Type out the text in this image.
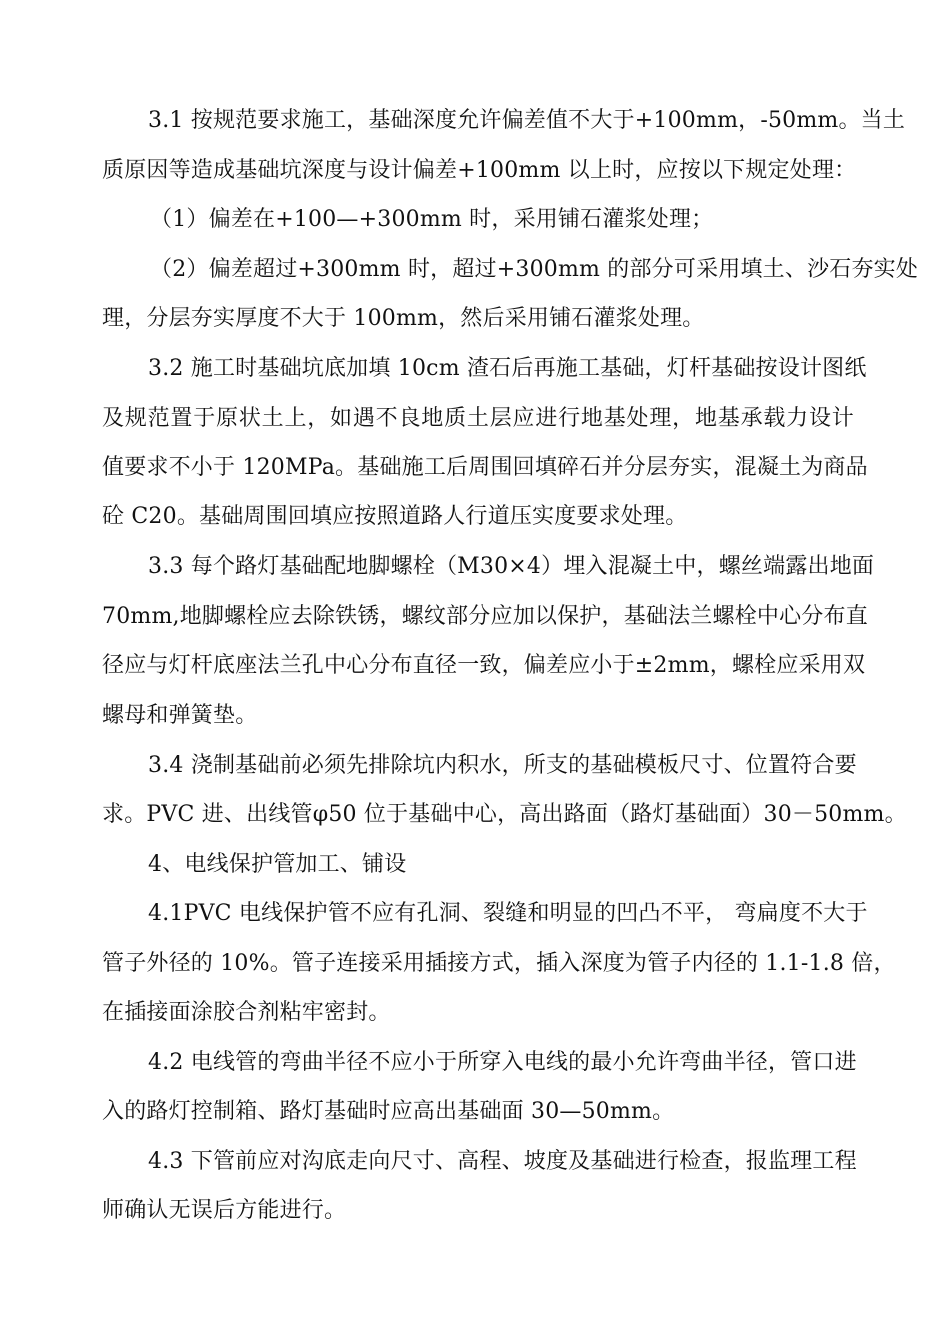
3.1 按规范要求施工，基础深度允许偏差值不大于+100mm，-50mm。当土
质原因等造成基础坑深度与设计偏差+100mm 以上时，应按以下规定处理：
（1）偏差在+100—+300mm 时，采用铺石灌浆处理；
（2）偏差超过+300mm 时，超过+300mm 的部分可采用填土、沙石夯实处
理，分层夯实厚度不大于 100mm，然后采用铺石灌浆处理。
3.2 施工时基础坑底加填 10cm 渣石后再施工基础，灯杆基础按设计图纸
及规范置于原状土上，如遇不良地质土层应进行地基处理，地基承载力设计
值要求不小于 120MPa。基础施工后周围回填碎石并分层夯实，混凝土为商品
砼 C20。基础周围回填应按照道路人行道压实度要求处理。
3.3 每个路灯基础配地脚螺栓（M30×4）埋入混凝土中，螺丝端露出地面
70mm,地脚螺栓应去除铁锈，螺纹部分应加以保护，基础法兰螺栓中心分布直
径应与灯杆底座法兰孔中心分布直径一致，偏差应小于±2mm，螺栓应采用双
螺母和弹簧垫。
3.4 浇制基础前必须先排除坑内积水，所支的基础模板尺寸、位置符合要
求。PVC 进、出线管φ50 位于基础中心，高出路面（路灯基础面）30－50mm。
4、电线保护管加工、铺设
4.1PVC 电线保护管不应有孔洞、裂缝和明显的凹凸不平， 弯扁度不大于
管子外径的 10%。管子连接采用插接方式，插入深度为管子内径的 1.1-1.8 倍，
在插接面涂胶合剂粘牢密封。
4.2 电线管的弯曲半径不应小于所穿入电线的最小允许弯曲半径，管口进
入的路灯控制箱、路灯基础时应高出基础面 30—50mm。
4.3 下管前应对沟底走向尺寸、高程、坡度及基础进行检查，报监理工程
师确认无误后方能进行。
